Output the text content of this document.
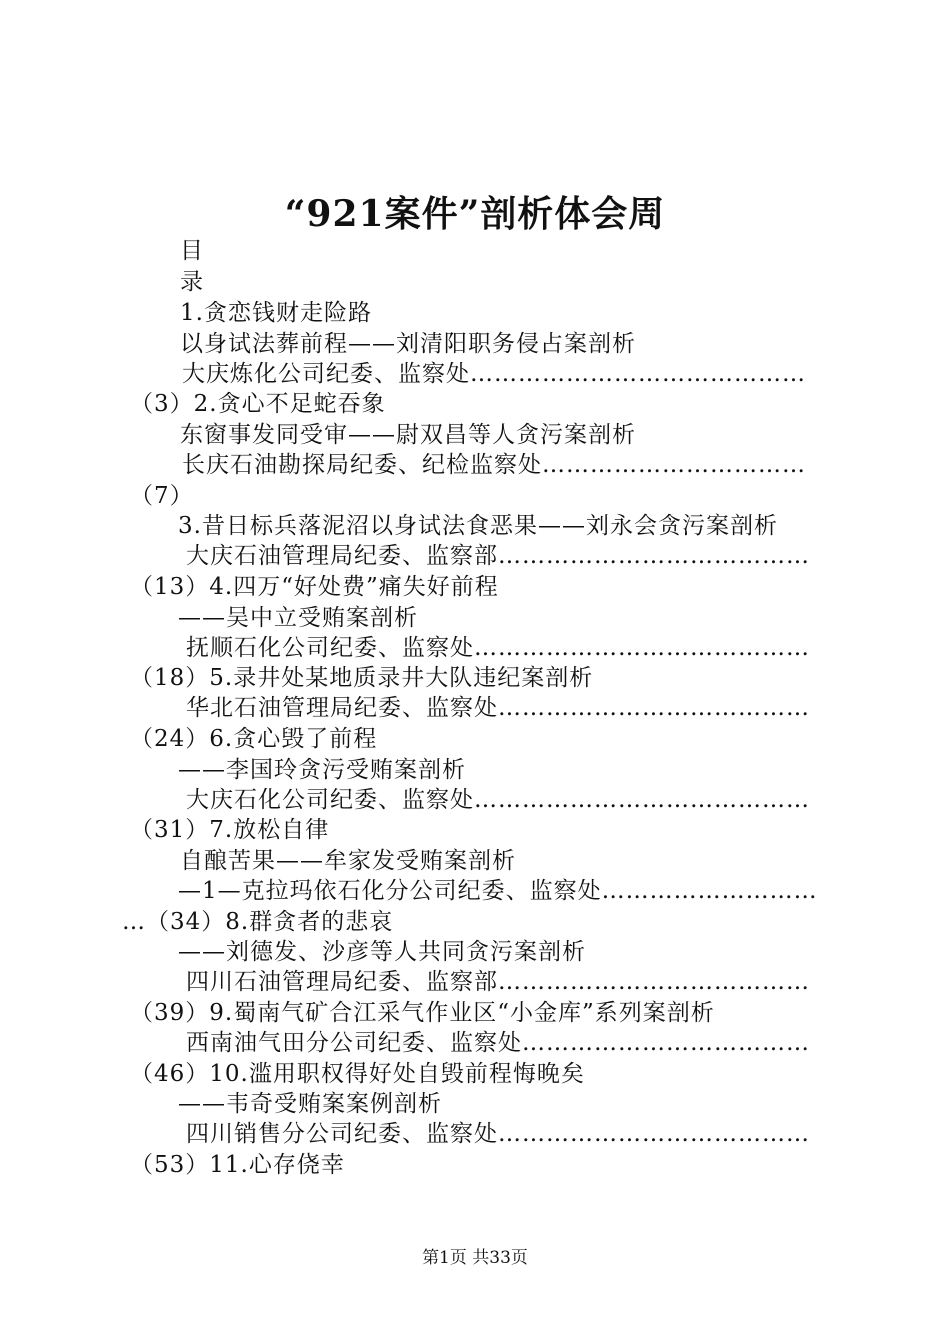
“921案件”剖析体会周
目
录
1.贪恋钱财走险路
以身试法葬前程——刘清阳职务侵占案剖析
大庆炼化公司纪委、监察处……………………………………
（3）2.贪心不足蛇吞象
东窗事发同受审——尉双昌等人贪污案剖析
长庆石油勘探局纪委、纪检监察处……………………………
（7）
3.昔日标兵落泥沼以身试法食恶果——刘永会贪污案剖析
大庆石油管理局纪委、监察部…………………………………
（13）4.四万“好处费”痛失好前程
——吴中立受贿案剖析
抚顺石化公司纪委、监察处……………………………………
（18）5.录井处某地质录井大队违纪案剖析
华北石油管理局纪委、监察处…………………………………
（24）6.贪心毁了前程
——李国玲贪污受贿案剖析
大庆石化公司纪委、监察处……………………………………
（31）7.放松自律
自酿苦果——牟家发受贿案剖析
—1—克拉玛依石化分公司纪委、监察处………………………
…（34）8.群贪者的悲哀
——刘德发、沙彦等人共同贪污案剖析
四川石油管理局纪委、监察部…………………………………
（39）9.蜀南气矿合江采气作业区“小金库”系列案剖析
西南油气田分公司纪委、监察处………………………………
（46）10.滥用职权得好处自毁前程悔晚矣
——韦奇受贿案案例剖析
四川销售分公司纪委、监察处…………………………………
（53）11.心存侥幸

第1页 共33页
